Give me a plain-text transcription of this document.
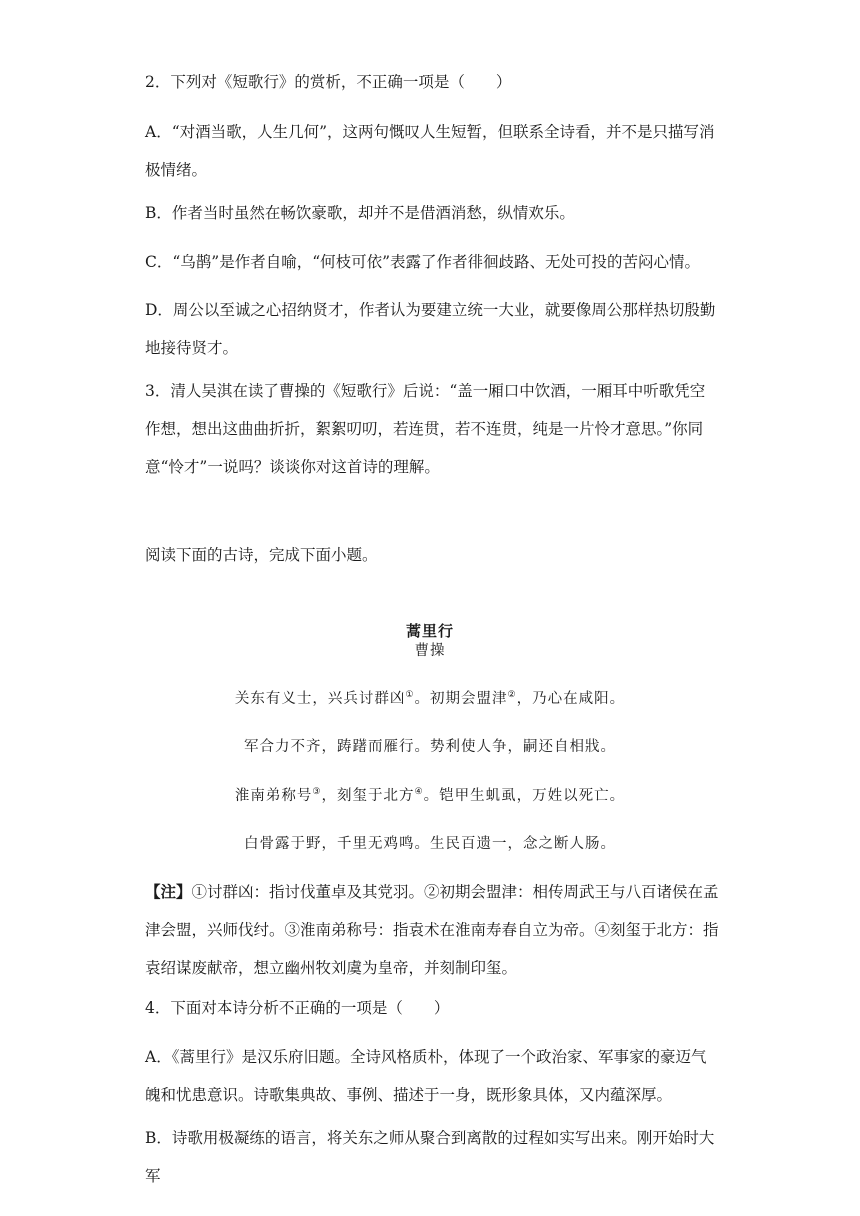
2．下列对《短歌行》的赏析，不正确一项是（　　）

A．“对酒当歌，人生几何”，这两句慨叹人生短暂，但联系全诗看，并不是只描写消极情绪。

B．作者当时虽然在畅饮豪歌，却并不是借酒消愁，纵情欢乐。

C．“乌鹊”是作者自喻，“何枝可依”表露了作者徘徊歧路、无处可投的苦闷心情。

D．周公以至诚之心招纳贤才，作者认为要建立统一大业，就要像周公那样热切殷勤地接待贤才。

3．清人吴淇在读了曹操的《短歌行》后说：“盖一厢口中饮酒，一厢耳中听歌凭空作想，想出这曲曲折折，絮絮叨叨，若连贯，若不连贯，纯是一片怜才意思。”你同意“怜才”一说吗？谈谈你对这首诗的理解。

阅读下面的古诗，完成下面小题。

蒿里行

曹操

关东有义士，兴兵讨群凶①。初期会盟津②，乃心在咸阳。

军合力不齐，踌躇而雁行。势利使人争，嗣还自相戕。

淮南弟称号③，刻玺于北方④。铠甲生虮虱，万姓以死亡。

白骨露于野，千里无鸡鸣。生民百遗一，念之断人肠。

【注】①讨群凶：指讨伐董卓及其党羽。②初期会盟津：相传周武王与八百诸侯在孟津会盟，兴师伐纣。③淮南弟称号：指袁术在淮南寿春自立为帝。④刻玺于北方：指袁绍谋废献帝，想立幽州牧刘虞为皇帝，并刻制印玺。

4．下面对本诗分析不正确的一项是（　　）

A．《蒿里行》是汉乐府旧题。全诗风格质朴，体现了一个政治家、军事家的豪迈气魄和忧患意识。诗歌集典故、事例、描述于一身，既形象具体，又内蕴深厚。

B．诗歌用极凝练的语言，将关东之师从聚合到离散的过程如实写出来。刚开始时大军
